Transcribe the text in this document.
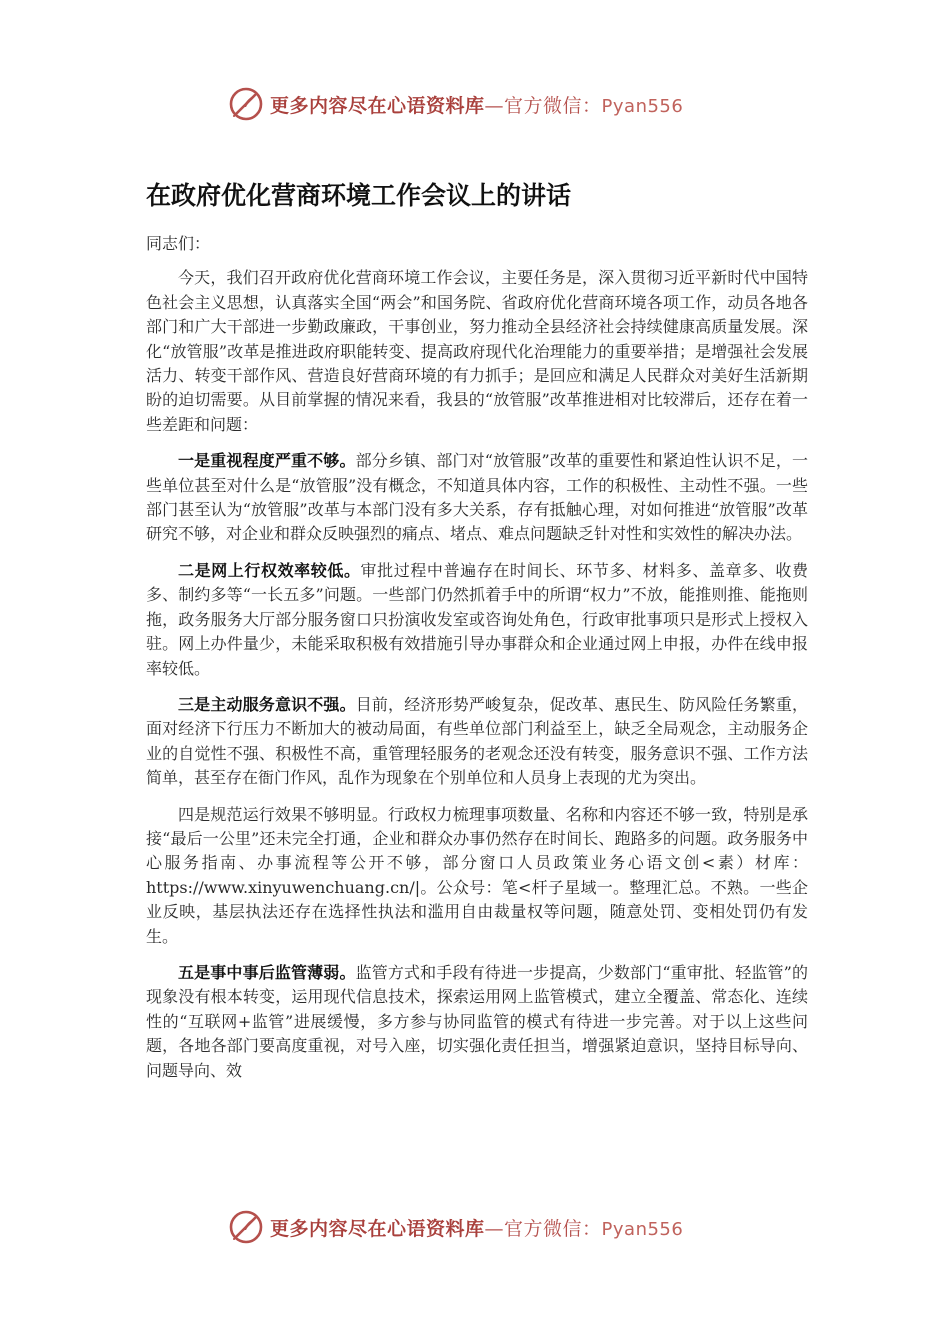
更多内容尽在心语资料库—官方微信：Pyan556
在政府优化营商环境工作会议上的讲话

同志们：

今天，我们召开政府优化营商环境工作会议，主要任务是，深入贯彻习近平新时代中国特色社会主义思想，认真落实全国“两会”和国务院、省政府优化营商环境各项工作，动员各地各部门和广大干部进一步勤政廉政，干事创业，努力推动全县经济社会持续健康高质量发展。深化“放管服”改革是推进政府职能转变、提高政府现代化治理能力的重要举措；是增强社会发展活力、转变干部作风、营造良好营商环境的有力抓手；是回应和满足人民群众对美好生活新期盼的迫切需要。从目前掌握的情况来看，我县的“放管服”改革推进相对比较滞后，还存在着一些差距和问题：

一是重视程度严重不够。部分乡镇、部门对“放管服”改革的重要性和紧迫性认识不足，一些单位甚至对什么是“放管服”没有概念，不知道具体内容，工作的积极性、主动性不强。一些部门甚至认为“放管服”改革与本部门没有多大关系，存有抵触心理，对如何推进“放管服”改革研究不够，对企业和群众反映强烈的痛点、堵点、难点问题缺乏针对性和实效性的解决办法。

二是网上行权效率较低。审批过程中普遍存在时间长、环节多、材料多、盖章多、收费多、制约多等“一长五多”问题。一些部门仍然抓着手中的所谓“权力”不放，能推则推、能拖则拖，政务服务大厅部分服务窗口只扮演收发室或咨询处角色，行政审批事项只是形式上授权入驻。网上办件量少，未能采取积极有效措施引导办事群众和企业通过网上申报，办件在线申报率较低。

三是主动服务意识不强。目前，经济形势严峻复杂，促改革、惠民生、防风险任务繁重，面对经济下行压力不断加大的被动局面，有些单位部门利益至上，缺乏全局观念，主动服务企业的自觉性不强、积极性不高，重管理轻服务的老观念还没有转变，服务意识不强、工作方法简单，甚至存在衙门作风，乱作为现象在个别单位和人员身上表现的尤为突出。

四是规范运行效果不够明显。行政权力梳理事项数量、名称和内容还不够一致，特别是承接“最后一公里”还未完全打通，企业和群众办事仍然存在时间长、跑路多的问题。政务服务中心服务指南、办事流程等公开不够，部分窗口人员政策业务心语文创<素）材库：https://www.xinyuwenchuang.cn/|。公众号：笔<杆子星域一。整理汇总。不熟。一些企业反映，基层执法还存在选择性执法和滥用自由裁量权等问题，随意处罚、变相处罚仍有发生。

五是事中事后监管薄弱。监管方式和手段有待进一步提高，少数部门“重审批、轻监管”的现象没有根本转变，运用现代信息技术，探索运用网上监管模式，建立全覆盖、常态化、连续性的“互联网+监管”进展缓慢，多方参与协同监管的模式有待进一步完善。对于以上这些问题，各地各部门要高度重视，对号入座，切实强化责任担当，增强紧迫意识，坚持目标导向、问题导向、效

更多内容尽在心语资料库—官方微信：Pyan556
